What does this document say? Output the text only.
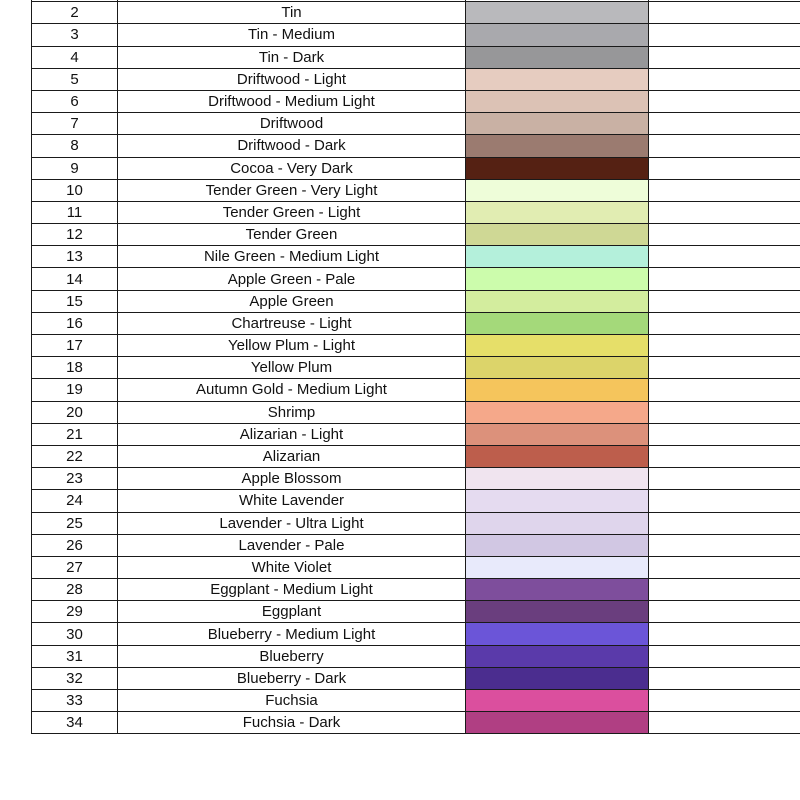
2	Tin		
3	Tin - Medium		
4	Tin - Dark		
5	Driftwood - Light		
6	Driftwood - Medium Light		
7	Driftwood		
8	Driftwood - Dark		
9	Cocoa - Very Dark		
10	Tender Green - Very Light		
11	Tender Green - Light		
12	Tender Green		
13	Nile Green - Medium Light		
14	Apple Green - Pale		
15	Apple Green		
16	Chartreuse - Light		
17	Yellow Plum - Light		
18	Yellow Plum		
19	Autumn Gold - Medium Light		
20	Shrimp		
21	Alizarian - Light		
22	Alizarian		
23	Apple Blossom		
24	White Lavender		
25	Lavender - Ultra Light		
26	Lavender - Pale		
27	White Violet		
28	Eggplant - Medium Light		
29	Eggplant		
30	Blueberry - Medium Light		
31	Blueberry		
32	Blueberry - Dark		
33	Fuchsia		
34	Fuchsia - Dark		
